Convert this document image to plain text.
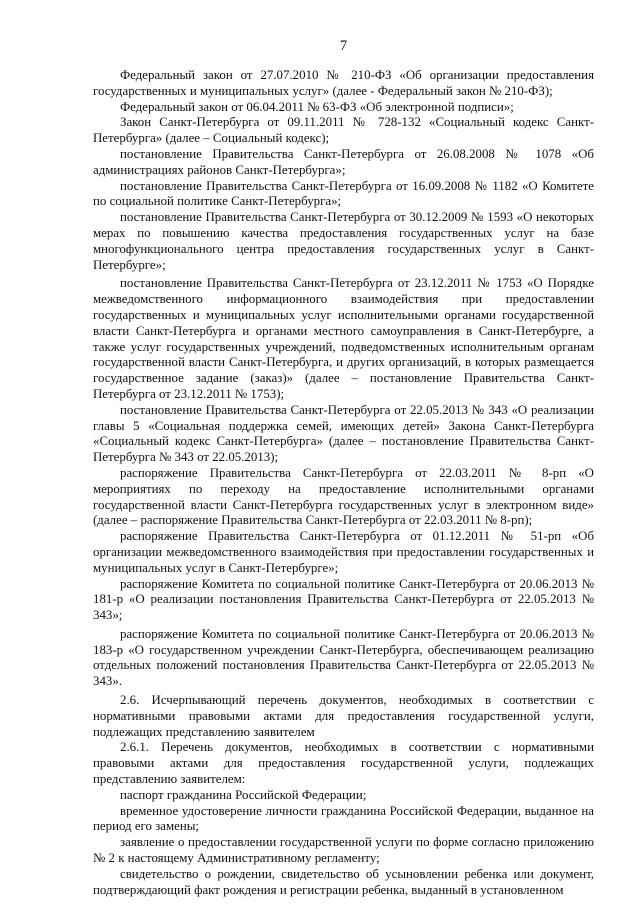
7

Федеральный закон от 27.07.2010 № 210-ФЗ «Об организации предоставления государственных и муниципальных услуг» (далее - Федеральный закон № 210-ФЗ);

Федеральный закон от 06.04.2011 № 63-ФЗ «Об электронной подписи»;

Закон Санкт-Петербурга от 09.11.2011 № 728-132 «Социальный кодекс Санкт-Петербурга» (далее – Социальный кодекс);

постановление Правительства Санкт-Петербурга от 26.08.2008 № 1078 «Об администрациях районов Санкт-Петербурга»;

постановление Правительства Санкт-Петербурга от 16.09.2008 № 1182 «О Комитете по социальной политике Санкт-Петербурга»;

постановление Правительства Санкт-Петербурга от 30.12.2009 № 1593 «О некоторых мерах по повышению качества предоставления государственных услуг на базе многофункционального центра предоставления государственных услуг в Санкт-Петербурге»;

постановление Правительства Санкт-Петербурга от 23.12.2011 № 1753 «О Порядке межведомственного информационного взаимодействия при предоставлении государственных и муниципальных услуг исполнительными органами государственной власти Санкт-Петербурга и органами местного самоуправления в Санкт-Петербурге, а также услуг государственных учреждений, подведомственных исполнительным органам государственной власти Санкт-Петербурга, и других организаций, в которых размещается государственное задание (заказ)» (далее – постановление Правительства Санкт-Петербурга от 23.12.2011 № 1753);

постановление Правительства Санкт-Петербурга от 22.05.2013 № 343 «О реализации главы 5 «Социальная поддержка семей, имеющих детей» Закона Санкт-Петербурга «Социальный кодекс Санкт-Петербурга» (далее – постановление Правительства Санкт-Петербурга № 343 от 22.05.2013);

распоряжение Правительства Санкт-Петербурга от 22.03.2011 № 8-рп «О мероприятиях по переходу на предоставление исполнительными органами государственной власти Санкт-Петербурга государственных услуг в электронном виде» (далее – распоряжение Правительства Санкт-Петербурга от 22.03.2011 № 8-рп);

распоряжение Правительства Санкт-Петербурга от 01.12.2011 № 51-рп «Об организации межведомственного взаимодействия при предоставлении государственных и муниципальных услуг в Санкт-Петербурге»;

распоряжение Комитета по социальной политике Санкт-Петербурга от 20.06.2013 № 181-р «О реализации постановления Правительства Санкт-Петербурга от 22.05.2013 № 343»;

распоряжение Комитета по социальной политике Санкт-Петербурга от 20.06.2013 № 183-р «О государственном учреждении Санкт-Петербурга, обеспечивающем реализацию отдельных положений постановления Правительства Санкт-Петербурга от 22.05.2013 № 343».

2.6. Исчерпывающий перечень документов, необходимых в соответствии с нормативными правовыми актами для предоставления государственной услуги, подлежащих представлению заявителем

2.6.1. Перечень документов, необходимых в соответствии с нормативными правовыми актами для предоставления государственной услуги, подлежащих представлению заявителем:

паспорт гражданина Российской Федерации;

временное удостоверение личности гражданина Российской Федерации, выданное на период его замены;

заявление о предоставлении государственной услуги по форме согласно приложению № 2 к настоящему Административному регламенту;

свидетельство о рождении, свидетельство об усыновлении ребенка или документ, подтверждающий факт рождения и регистрации ребенка, выданный в установленном
